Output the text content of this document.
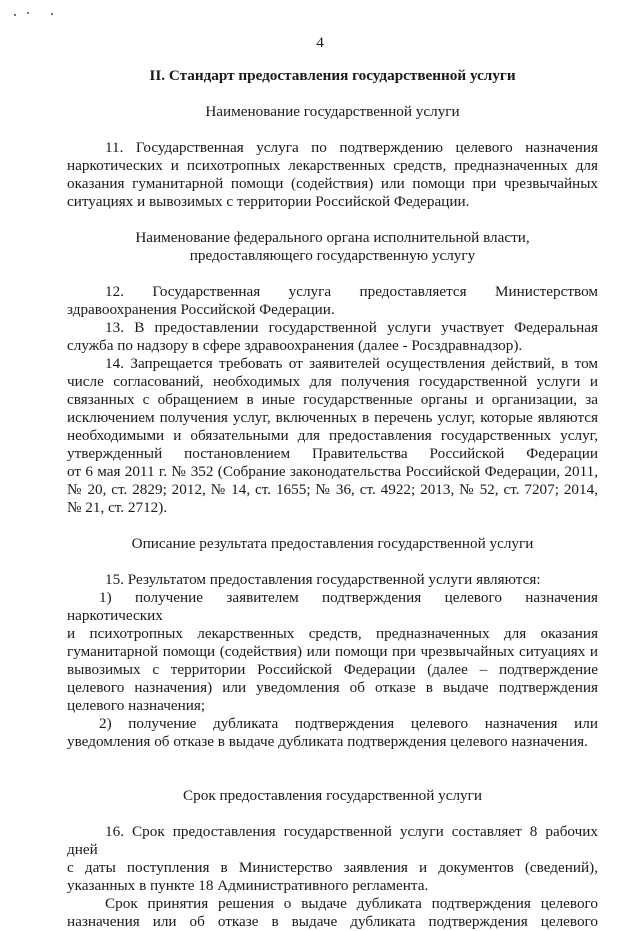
4

II. Стандарт предоставления государственной услуги

Наименование государственной услуги

11. Государственная услуга по подтверждению целевого назначения

наркотических и психотропных лекарственных средств, предназначенных для

оказания гуманитарной помощи (содействия) или помощи при чрезвычайных

ситуациях и вывозимых с территории Российской Федерации.

Наименование федерального органа исполнительной власти,

предоставляющего государственную услугу

12. Государственная услуга предоставляется Министерством

здравоохранения Российской Федерации.

13. В предоставлении государственной услуги участвует Федеральная

служба по надзору в сфере здравоохранения (далее - Росздравнадзор).

14. Запрещается требовать от заявителей осуществления действий, в том

числе согласований, необходимых для получения государственной услуги и

связанных с обращением в иные государственные органы и организации, за

исключением получения услуг, включенных в перечень услуг, которые являются

необходимыми и обязательными для предоставления государственных услуг,

утвержденный постановлением Правительства Российской Федерации

от 6 мая 2011 г. № 352 (Собрание законодательства Российской Федерации, 2011,

№ 20, ст. 2829; 2012, № 14, ст. 1655; № 36, ст. 4922; 2013, № 52, ст. 7207; 2014,

№ 21, ст. 2712).

Описание результата предоставления государственной услуги

15. Результатом предоставления государственной услуги являются:

1) получение заявителем подтверждения целевого назначения наркотических

и психотропных лекарственных средств, предназначенных для оказания

гуманитарной помощи (содействия) или помощи при чрезвычайных ситуациях и

вывозимых с территории Российской Федерации (далее – подтверждение

целевого назначения) или уведомления об отказе в выдаче подтверждения

целевого назначения;

2) получение дубликата подтверждения целевого назначения или

уведомления об отказе в выдаче дубликата подтверждения целевого назначения.

Срок предоставления государственной услуги

16. Срок предоставления государственной услуги составляет 8 рабочих дней

с даты поступления в Министерство заявления и документов (сведений),

указанных в пункте 18 Административного регламента.

Срок принятия решения о выдаче дубликата подтверждения целевого

назначения или об отказе в выдаче дубликата подтверждения целевого
